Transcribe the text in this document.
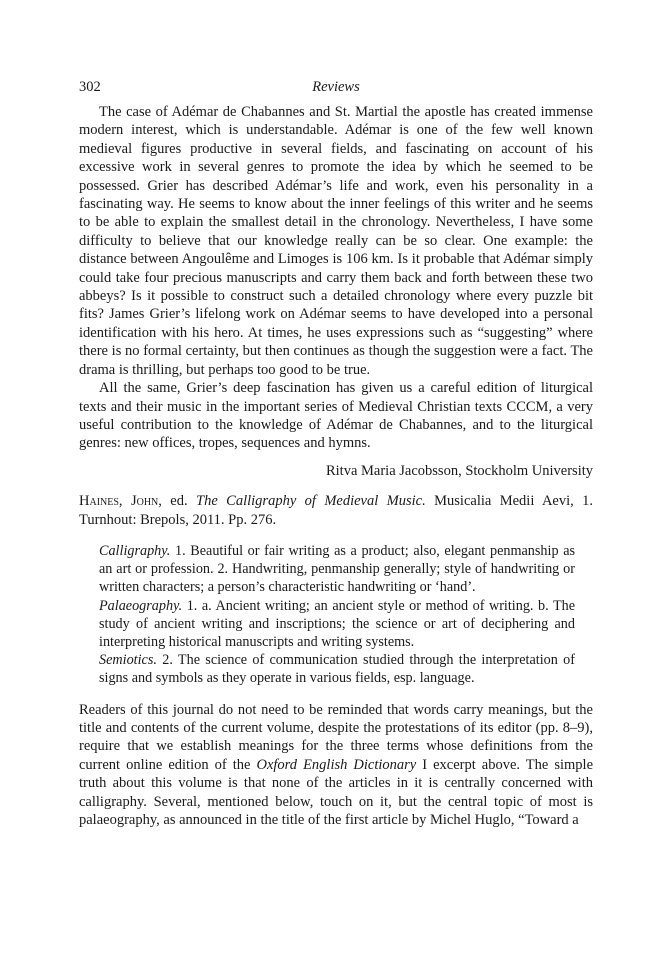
302	Reviews

The case of Adémar de Chabannes and St. Martial the apostle has created immense modern interest, which is understandable. Adémar is one of the few well known medieval figures productive in several fields, and fascinating on account of his excessive work in several genres to promote the idea by which he seemed to be possessed. Grier has described Adémar’s life and work, even his personality in a fascinating way. He seems to know about the inner feelings of this writer and he seems to be able to explain the smallest detail in the chronology. Nevertheless, I have some difficulty to believe that our knowledge really can be so clear. One example: the distance between Angoulême and Limoges is 106 km. Is it probable that Adémar simply could take four precious manuscripts and carry them back and forth between these two abbeys? Is it possible to construct such a detailed chronology where every puzzle bit fits? James Grier’s lifelong work on Adémar seems to have developed into a personal identification with his hero. At times, he uses expressions such as “suggesting” where there is no formal certainty, but then continues as though the suggestion were a fact. The drama is thrilling, but perhaps too good to be true.

All the same, Grier’s deep fascination has given us a careful edition of liturgical texts and their music in the important series of Medieval Christian texts CCCM, a very useful contribution to the knowledge of Adémar de Chabannes, and to the liturgical genres: new offices, tropes, sequences and hymns.

Ritva Maria Jacobsson, Stockholm University

Haines, John, ed. The Calligraphy of Medieval Music. Musicalia Medii Aevi, 1. Turnhout: Brepols, 2011. Pp. 276.

Calligraphy. 1. Beautiful or fair writing as a product; also, elegant penmanship as an art or profession. 2. Handwriting, penmanship generally; style of handwriting or written characters; a person’s characteristic handwriting or ‘hand’.

Palaeography. 1. a. Ancient writing; an ancient style or method of writing. b. The study of ancient writing and inscriptions; the science or art of deciphering and interpreting historical manuscripts and writing systems.

Semiotics. 2. The science of communication studied through the interpretation of signs and symbols as they operate in various fields, esp. language.

Readers of this journal do not need to be reminded that words carry meanings, but the title and contents of the current volume, despite the protestations of its editor (pp. 8–9), require that we establish meanings for the three terms whose definitions from the current online edition of the Oxford English Dictionary I excerpt above. The simple truth about this volume is that none of the articles in it is centrally concerned with calligraphy. Several, mentioned below, touch on it, but the central topic of most is palaeography, as announced in the title of the first article by Michel Huglo, “Toward a
